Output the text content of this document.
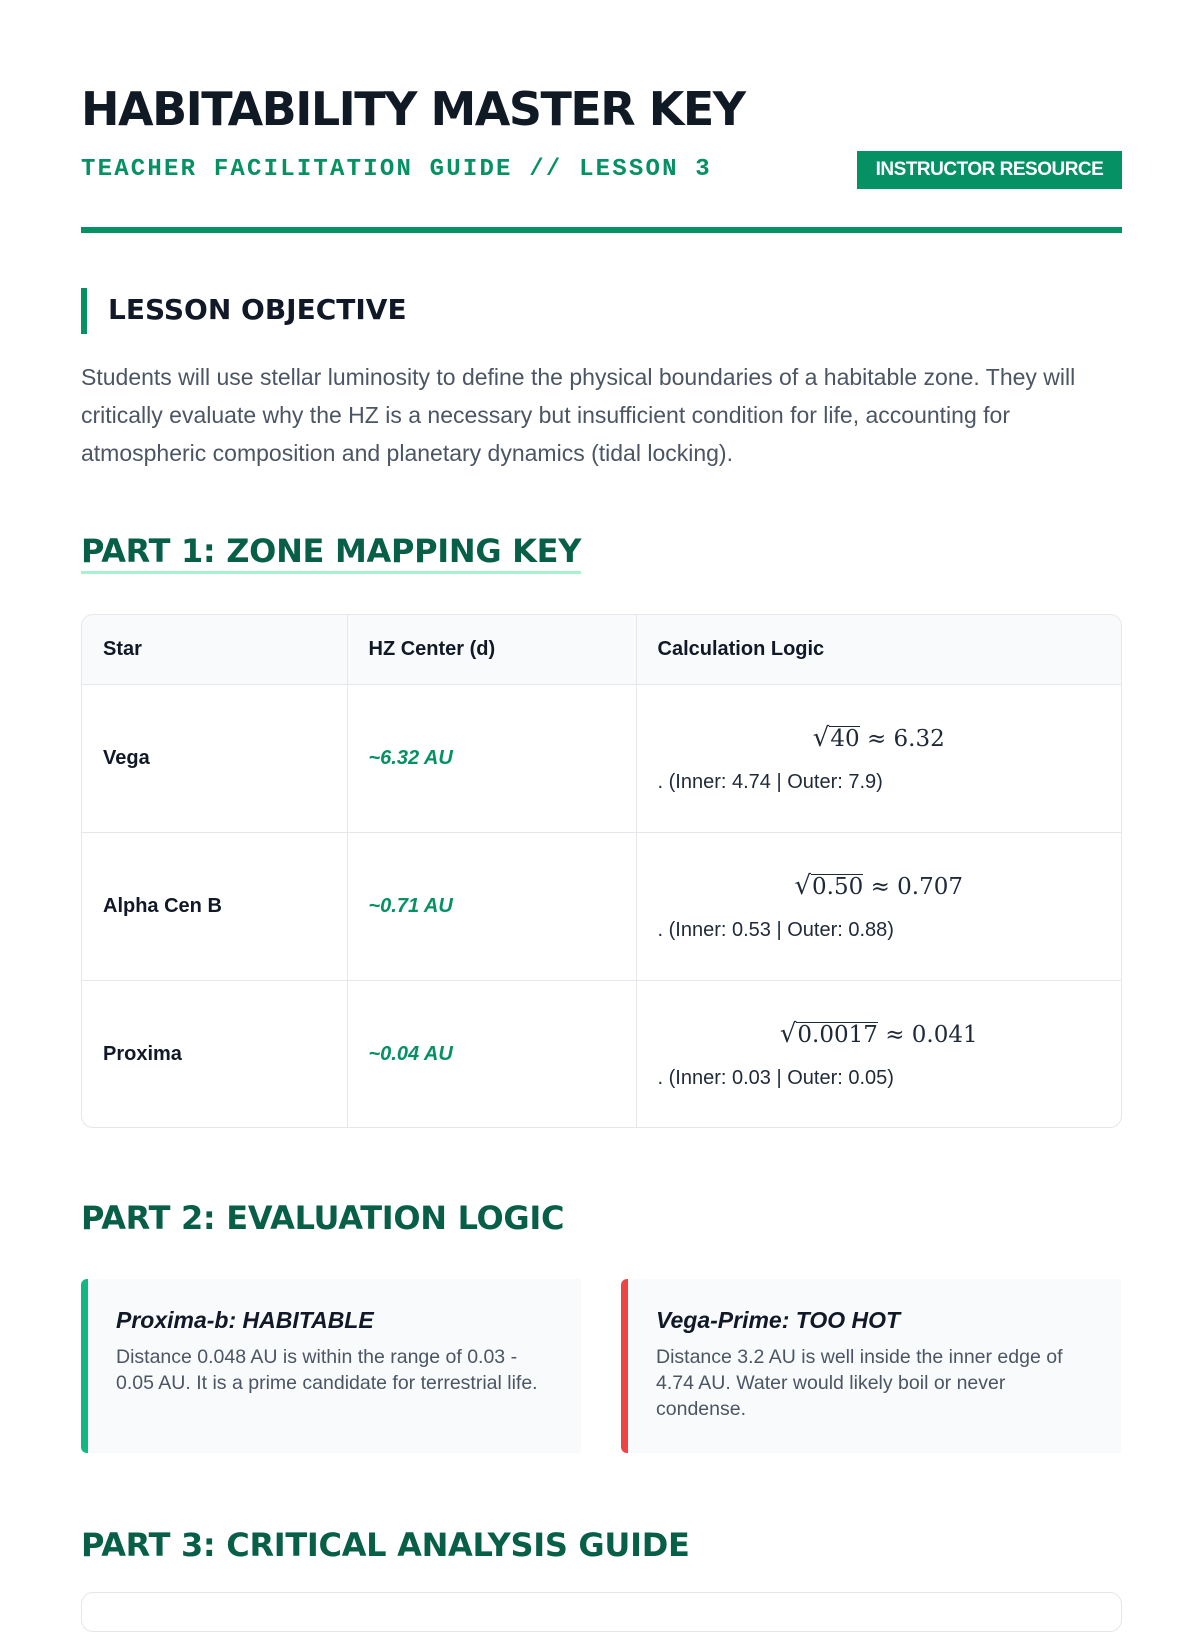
HABITABILITY MASTER KEY
TEACHER FACILITATION GUIDE // LESSON 3	INSTRUCTOR RESOURCE
LESSON OBJECTIVE

Students will use stellar luminosity to define the physical boundaries of a habitable zone. They will critically evaluate why the HZ is a necessary but insufficient condition for life, accounting for atmospheric composition and planetary dynamics (tidal locking).

PART 1: ZONE MAPPING KEY
Star	HZ Center (d)	Calculation Logic
Vega	~6.32 AU	√40 ≈ 6.32
. (Inner: 4.74 | Outer: 7.9)
Alpha Cen B	~0.71 AU	√0.50 ≈ 0.707
. (Inner: 0.53 | Outer: 0.88)
Proxima	~0.04 AU	√0.0017 ≈ 0.041
. (Inner: 0.03 | Outer: 0.05)
PART 2: EVALUATION LOGIC
Proxima-b: HABITABLE
Distance 0.048 AU is within the range of 0.03 - 0.05 AU. It is a prime candidate for terrestrial life.
Vega-Prime: TOO HOT
Distance 3.2 AU is well inside the inner edge of 4.74 AU. Water would likely boil or never condense.
PART 3: CRITICAL ANALYSIS GUIDE
